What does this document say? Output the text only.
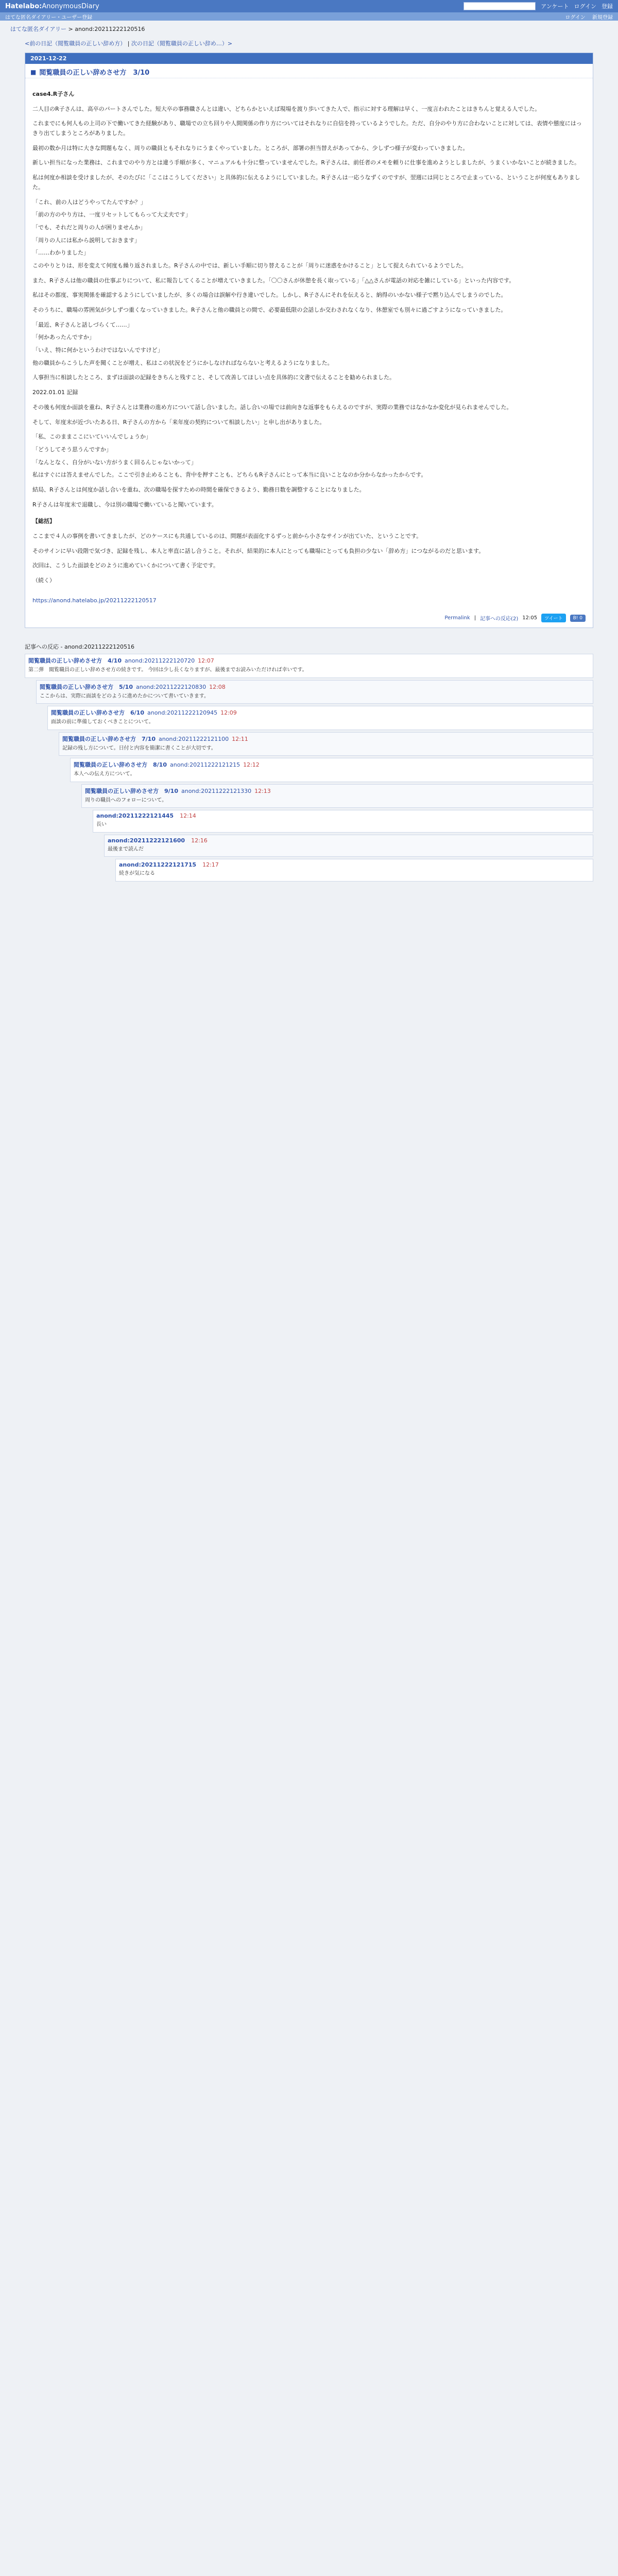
Hatelabo:AnonymousDiary	アンケート ログイン 登録
はてな匿名ダイアリー・ユーザー登録	ログイン 新規登録
はてな匿名ダイアリー > anond:20211222120516
<前の日記（閲覧職員の正しい辞め方） | 次の日記（閲覧職員の正しい辞め…）>
2021-12-22
■ 閲覧職員の正しい辞めさせ方　3/10
case4.R子さん

二人目のR子さんは、高卒のパートさんでした。短大卒の事務職さんとは違い、どちらかといえば現場を渡り歩いてきた人で、指示に対する理解は早く、一度言われたことはきちんと覚える人でした。

これまでにも何人もの上司の下で働いてきた経験があり、職場での立ち回りや人間関係の作り方についてはそれなりに自信を持っているようでした。ただ、自分のやり方に合わないことに対しては、表情や態度にはっきり出てしまうところがありました。

最初の数か月は特に大きな問題もなく、周りの職員ともそれなりにうまくやっていました。ところが、部署の担当替えがあってから、少しずつ様子が変わっていきました。

新しい担当になった業務は、これまでのやり方とは違う手順が多く、マニュアルも十分に整っていませんでした。R子さんは、前任者のメモを頼りに仕事を進めようとしましたが、うまくいかないことが続きました。

私は何度か相談を受けましたが、そのたびに「ここはこうしてください」と具体的に伝えるようにしていました。R子さんは一応うなずくのですが、翌週には同じところで止まっている、ということが何度もありました。

「これ、前の人はどうやってたんですか？」

「前の方のやり方は、一度リセットしてもらって大丈夫です」

「でも、それだと周りの人が困りませんか」

「周りの人には私から説明しておきます」

「……わかりました」

このやりとりは、形を変えて何度も繰り返されました。R子さんの中では、新しい手順に切り替えることが「周りに迷惑をかけること」として捉えられているようでした。

また、R子さんは他の職員の仕事ぶりについて、私に報告してくることが増えていきました。「〇〇さんが休憩を長く取っている」「△△さんが電話の対応を雑にしている」といった内容です。

私はその都度、事実関係を確認するようにしていましたが、多くの場合は誤解や行き違いでした。しかし、R子さんにそれを伝えると、納得のいかない様子で黙り込んでしまうのでした。

そのうちに、職場の雰囲気が少しずつ重くなっていきました。R子さんと他の職員との間で、必要最低限の会話しか交わされなくなり、休憩室でも別々に過ごすようになっていきました。

「最近、R子さんと話しづらくて……」

「何かあったんですか」

「いえ、特に何かというわけではないんですけど」

他の職員からこうした声を聞くことが増え、私はこの状況をどうにかしなければならないと考えるようになりました。

人事担当に相談したところ、まずは面談の記録をきちんと残すこと、そして改善してほしい点を具体的に文書で伝えることを勧められました。

2022.01.01 記録

その後も何度か面談を重ね、R子さんとは業務の進め方について話し合いました。話し合いの場では前向きな返事をもらえるのですが、実際の業務ではなかなか変化が見られませんでした。

そして、年度末が近づいたある日、R子さんの方から「来年度の契約について相談したい」と申し出がありました。

「私、このままここにいていいんでしょうか」

「どうしてそう思うんですか」

「なんとなく、自分がいない方がうまく回るんじゃないかって」

私はすぐには答えませんでした。ここで引き止めることも、背中を押すことも、どちらもR子さんにとって本当に良いことなのか分からなかったからです。

結局、R子さんとは何度か話し合いを重ね、次の職場を探すための時間を確保できるよう、勤務日数を調整することになりました。

R子さんは年度末で退職し、今は別の職場で働いていると聞いています。

【総括】

ここまで４人の事例を書いてきましたが、どのケースにも共通しているのは、問題が表面化するずっと前から小さなサインが出ていた、ということです。

そのサインに早い段階で気づき、記録を残し、本人と率直に話し合うこと。それが、結果的に本人にとっても職場にとっても負担の少ない「辞め方」につながるのだと思います。

次回は、こうした面談をどのように進めていくかについて書く予定です。

（続く）

https://anond.hatelabo.jp/20211222120517
Permalink | 記事への反応(2) 12:05	ツイート	B! 0
記事への反応 - anond:20211222120516
閲覧職員の正しい辞めさせ方　4/10 anond:20211222120720 12:07
第二弾　閲覧職員の正しい辞めさせ方の続きです。 今回は少し長くなりますが、最後までお読みいただければ幸いです。
閲覧職員の正しい辞めさせ方　5/10 anond:20211222120830 12:08
ここからは、実際に面談をどのように進めたかについて書いていきます。
閲覧職員の正しい辞めさせ方　6/10 anond:20211222120945 12:09
面談の前に準備しておくべきことについて。
閲覧職員の正しい辞めさせ方　7/10 anond:20211222121100 12:11
記録の残し方について。日付と内容を簡潔に書くことが大切です。
閲覧職員の正しい辞めさせ方　8/10 anond:20211222121215 12:12
本人への伝え方について。
閲覧職員の正しい辞めさせ方　9/10 anond:20211222121330 12:13
周りの職員へのフォローについて。
anond:20211222121445 12:14
長い
anond:20211222121600 12:16
最後まで読んだ
anond:20211222121715 12:17
続きが気になる
